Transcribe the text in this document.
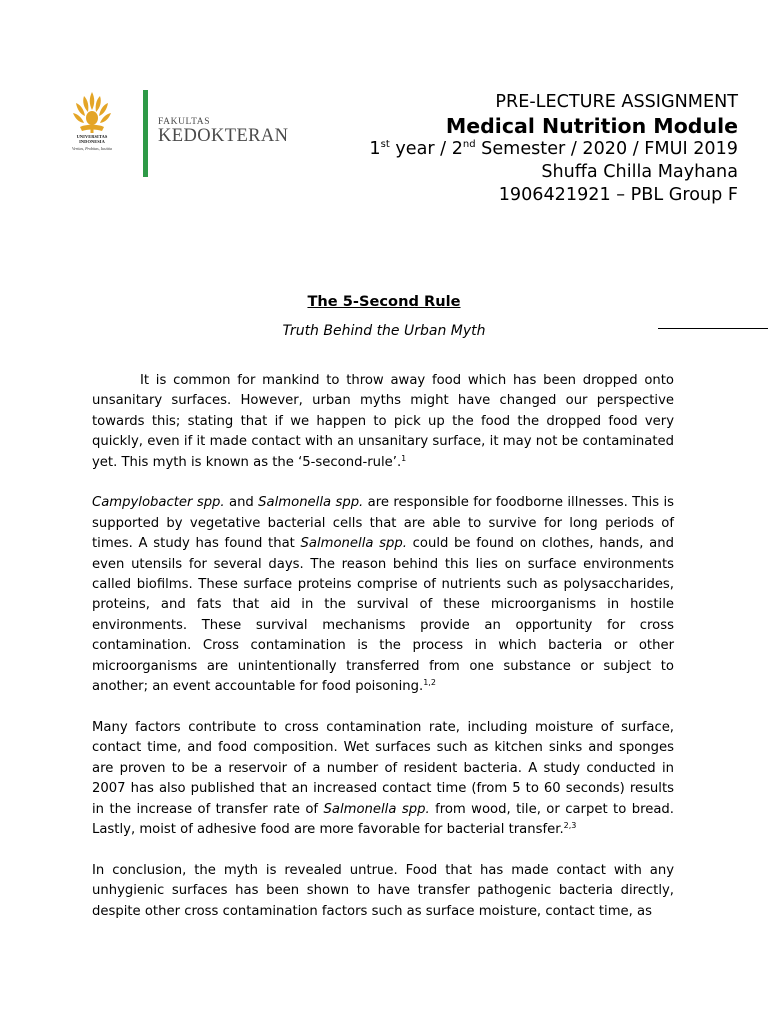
UNIVERSITAS
INDONESIA
Veritas, Probitas, Iustitia
FAKULTAS
KEDOKTERAN
PRE-LECTURE ASSIGNMENT
Medical Nutrition Module
1st year / 2nd Semester / 2020 / FMUI 2019
Shuffa Chilla Mayhana
1906421921 – PBL Group F
The 5-Second Rule
Truth Behind the Urban Myth

It is common for mankind to throw away food which has been dropped onto unsanitary surfaces. However, urban myths might have changed our perspective towards this; stating that if we happen to pick up the food the dropped food very quickly, even if it made contact with an unsanitary surface, it may not be contaminated yet. This myth is known as the ‘5-second-rule’.$^1$

Campylobacter spp. and Salmonella spp. are responsible for foodborne illnesses. This is supported by vegetative bacterial cells that are able to survive for long periods of times. A study has found that Salmonella spp. could be found on clothes, hands, and even utensils for several days. The reason behind this lies on surface environments called biofilms. These surface proteins comprise of nutrients such as polysaccharides, proteins, and fats that aid in the survival of these microorganisms in hostile environments. These survival mechanisms provide an opportunity for cross contamination. Cross contamination is the process in which bacteria or other microorganisms are unintentionally transferred from one substance or subject to another; an event accountable for food poisoning.$^{1,2}$

Many factors contribute to cross contamination rate, including moisture of surface, contact time, and food composition. Wet surfaces such as kitchen sinks and sponges are proven to be a reservoir of a number of resident bacteria. A study conducted in 2007 has also published that an increased contact time (from 5 to 60 seconds) results in the increase of transfer rate of Salmonella spp. from wood, tile, or carpet to bread. Lastly, moist of adhesive food are more favorable for bacterial transfer.$^{2,3}$

In conclusion, the myth is revealed untrue. Food that has made contact with any unhygienic surfaces has been shown to have transfer pathogenic bacteria directly, despite other cross contamination factors such as surface moisture, contact time, as
